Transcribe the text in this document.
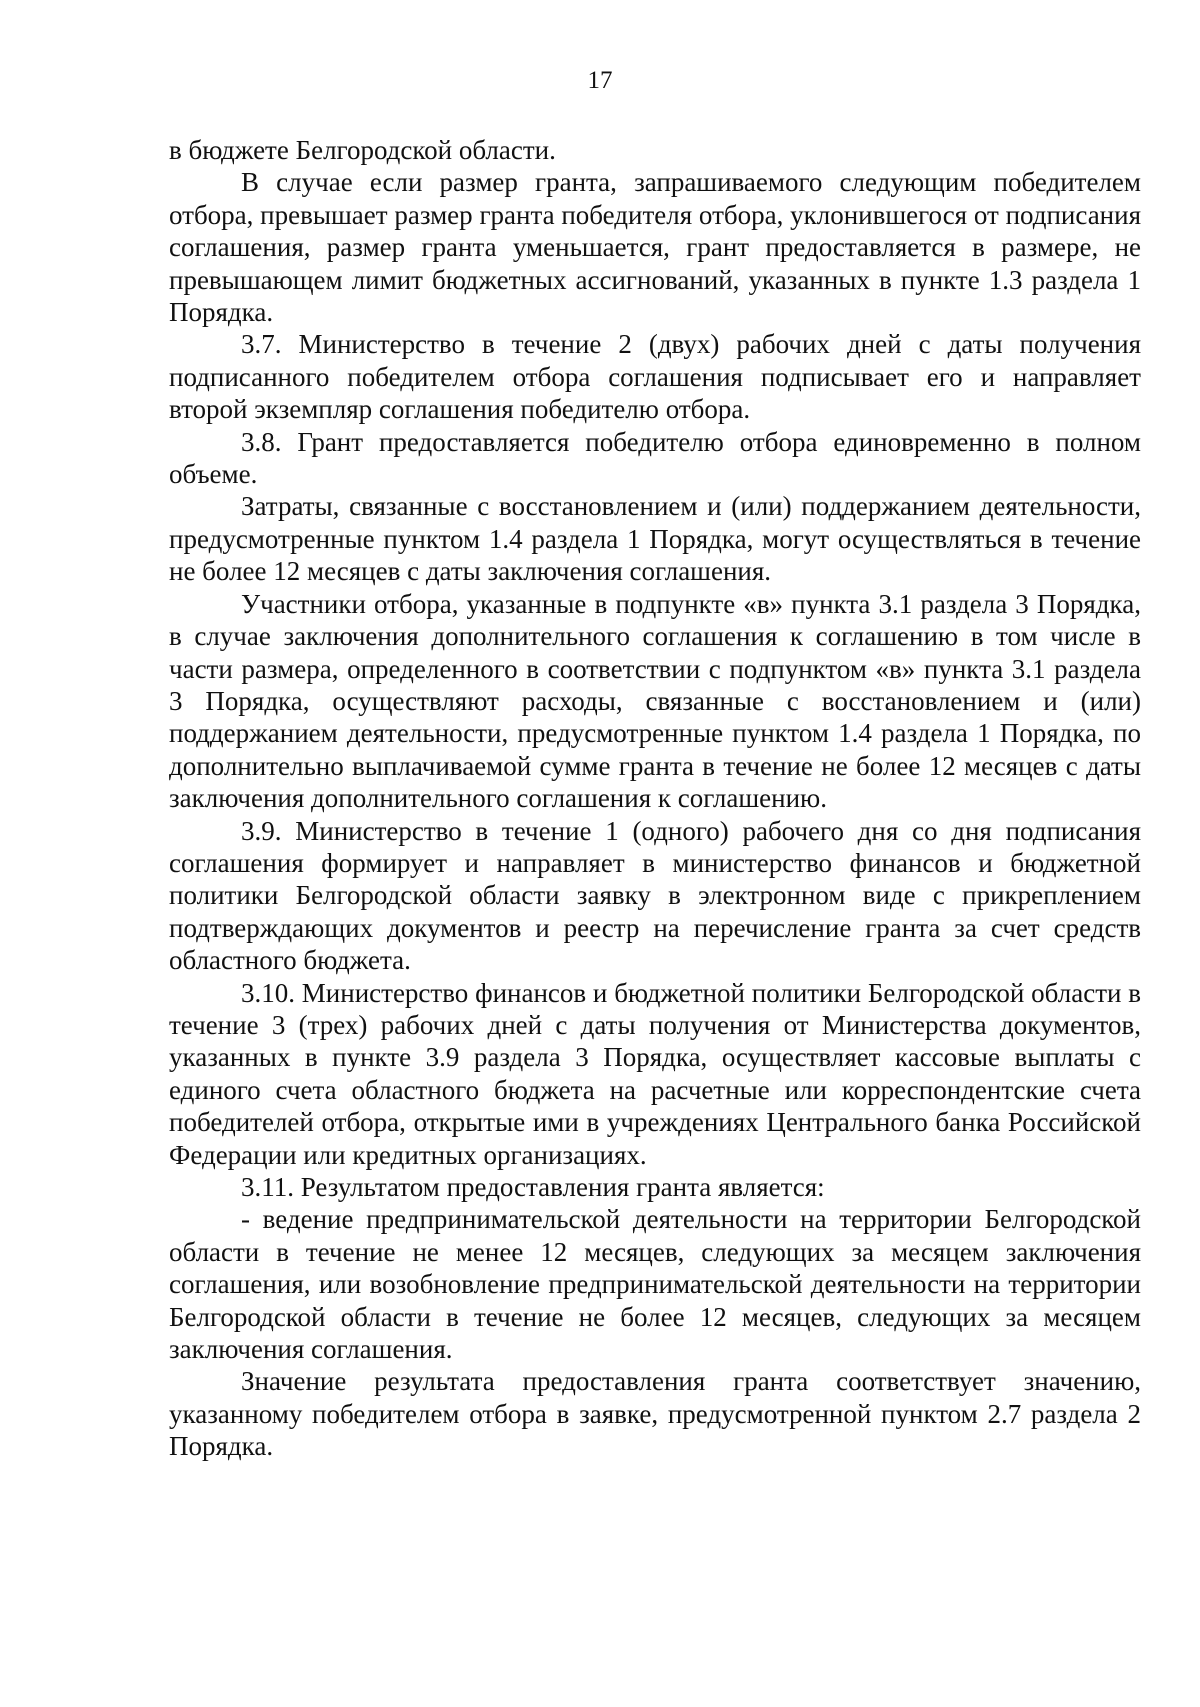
17

в бюджете Белгородской области.

В случае если размер гранта, запрашиваемого следующим победителем отбора, превышает размер гранта победителя отбора, уклонившегося от подписания соглашения, размер гранта уменьшается, грант предоставляется в размере, не превышающем лимит бюджетных ассигнований, указанных в пункте 1.3 раздела 1 Порядка.

3.7. Министерство в течение 2 (двух) рабочих дней с даты получения подписанного победителем отбора соглашения подписывает его и направляет второй экземпляр соглашения победителю отбора.

3.8. Грант предоставляется победителю отбора единовременно в полном объеме.

Затраты, связанные с восстановлением и (или) поддержанием деятельности, предусмотренные пунктом 1.4 раздела 1 Порядка, могут осуществляться в течение не более 12 месяцев с даты заключения соглашения.

Участники отбора, указанные в подпункте «в» пункта 3.1 раздела 3 Порядка, в случае заключения дополнительного соглашения к соглашению в том числе в части размера, определенного в соответствии с подпунктом «в» пункта 3.1 раздела 3 Порядка, осуществляют расходы, связанные с восстановлением и (или) поддержанием деятельности, предусмотренные пунктом 1.4 раздела 1 Порядка, по дополнительно выплачиваемой сумме гранта в течение не более 12 месяцев с даты заключения дополнительного соглашения к соглашению.

3.9. Министерство в течение 1 (одного) рабочего дня со дня подписания соглашения формирует и направляет в министерство финансов и бюджетной политики Белгородской области заявку в электронном виде с прикреплением подтверждающих документов и реестр на перечисление гранта за счет средств областного бюджета.

3.10. Министерство финансов и бюджетной политики Белгородской области в течение 3 (трех) рабочих дней с даты получения от Министерства документов, указанных в пункте 3.9 раздела 3 Порядка, осуществляет кассовые выплаты с единого счета областного бюджета на расчетные или корреспондентские счета победителей отбора, открытые ими в учреждениях Центрального банка Российской Федерации или кредитных организациях.

3.11. Результатом предоставления гранта является:

- ведение предпринимательской деятельности на территории Белгородской области в течение не менее 12 месяцев, следующих за месяцем заключения соглашения, или возобновление предпринимательской деятельности на территории Белгородской области в течение не более 12 месяцев, следующих за месяцем заключения соглашения.

Значение результата предоставления гранта соответствует значению, указанному победителем отбора в заявке, предусмотренной пунктом 2.7 раздела 2 Порядка.
